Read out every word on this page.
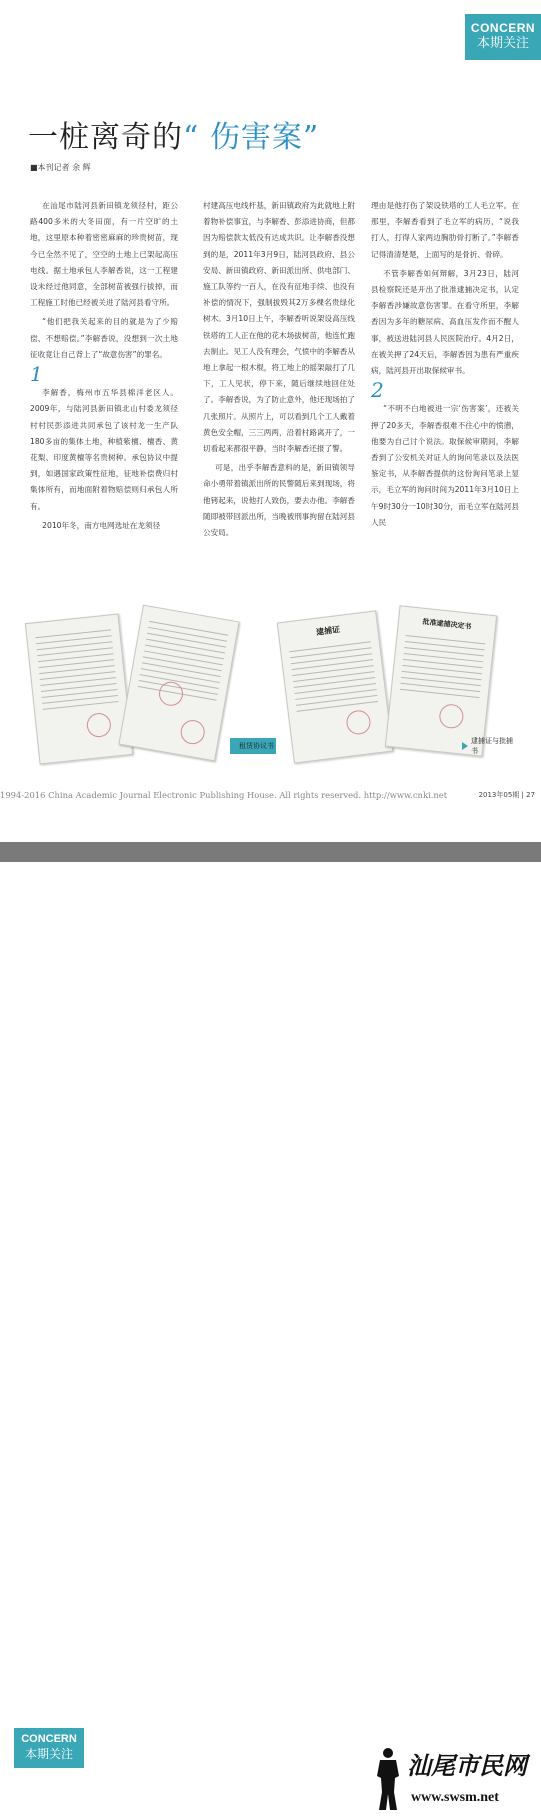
CONCERN
本期关注
一桩离奇的“ 伤害案”
■本刊记者 余 辉

在汕尾市陆河县新田镇龙须径村，距公路400多米的大冬田面，有一片空旷的土地，这里原本种着密密麻麻的珍贵树苗，现今已全然不见了，空空的土地上已架起高压电线。据土地承包人李解香说，这一工程建设未经过他同意，全部树苗被强行拔掉，而工程施工时他已经被关进了陆河县看守所。

“他们把我关起来的目的就是为了少赔偿、不想赔偿。”李解香说，没想到一次土地征收竟让自己背上了“故意伤害”的罪名。

1

李解香，梅州市五华县棉洋老区人。2009年，与陆河县新田镇北山村委龙须径村村民彭添进共同承包了该村龙一生产队180多亩的集体土地，种植紫檀、檀香、黄花梨、印度黄檀等名贵树种。承包协议中提到，如遇国家政策性征地，征地补偿费归村集体所有，而地面附着物赔偿则归承包人所有。

2010年冬，南方电网选址在龙须径

村建高压电线杆基，新田镇政府为此就地上附着物补偿事宜，与李解香、彭添进协商，但都因为赔偿款太低没有达成共识。让李解香没想到的是，2011年3月9日，陆河县政府、县公安局、新田镇政府、新田派出所、供电部门、施工队等约一百人，在没有征地手续、也没有补偿的情况下，强制拔毁其2万多棵名贵绿化树木。3月10日上午，李解香听说架设高压线铁塔的工人正在他的花木场拔树苗，他连忙跑去制止。见工人没有理会，气愤中的李解香从地上拿起一根木棍，将工地上的摇架敲打了几下，工人见状，停下来，随后继续地回住处了。李解香说，为了防止意外，他还现场拍了几张照片。从照片上，可以看到几个工人戴着黄色安全帽，三三两两，沿着村路离开了，一切看起来都很平静，当时李解香还报了警。

可是，出乎李解香意料的是，新田镇领导命小勇带着镇派出所的民警随后来到现场，将他铐起来，说他打人致伤，要去办他。李解香随即被带回派出所，当晚被刑事拘留在陆河县公安局。

理由是他打伤了架设铁塔的工人毛立军。在那里，李解香看到了毛立军的病历，“说我打人，打得人家两边胸肋骨打断了。”李解香记得清清楚楚，上面写的是骨折、骨碎。

不管李解香如何辩解，3月23日，陆河县检察院还是开出了批准逮捕决定书，认定李解香涉嫌故意伤害罪。在看守所里，李解香因为多年的糖尿病、高血压发作而不醒人事，被送进陆河县人民医院治疗。4月2日，在被关押了24天后，李解香因为患有严重疾病，陆河县开出取保候审书。

2

“不明不白地被进一宗‘伤害案’，还被关押了20多天，李解香很难不往心中的愤懑，他要为自己讨个说法。取保候审期间，李解香到了公安机关对证人的询问笔录以及法医鉴定书，从李解香提供的这份询问笔录上显示，毛立军的询问时间为2011年3月10日上午9时30分一10时30分，而毛立军在陆河县人民

租赁协议书
逮捕证
批准逮捕决定书
逮捕证与批捕书
1994-2016 China Academic Journal Electronic Publishing House. All rights reserved. http://www.cnki.net	2013年05期 | 27
CONCERN
本期关注	汕尾市民网
www.swsm.net
